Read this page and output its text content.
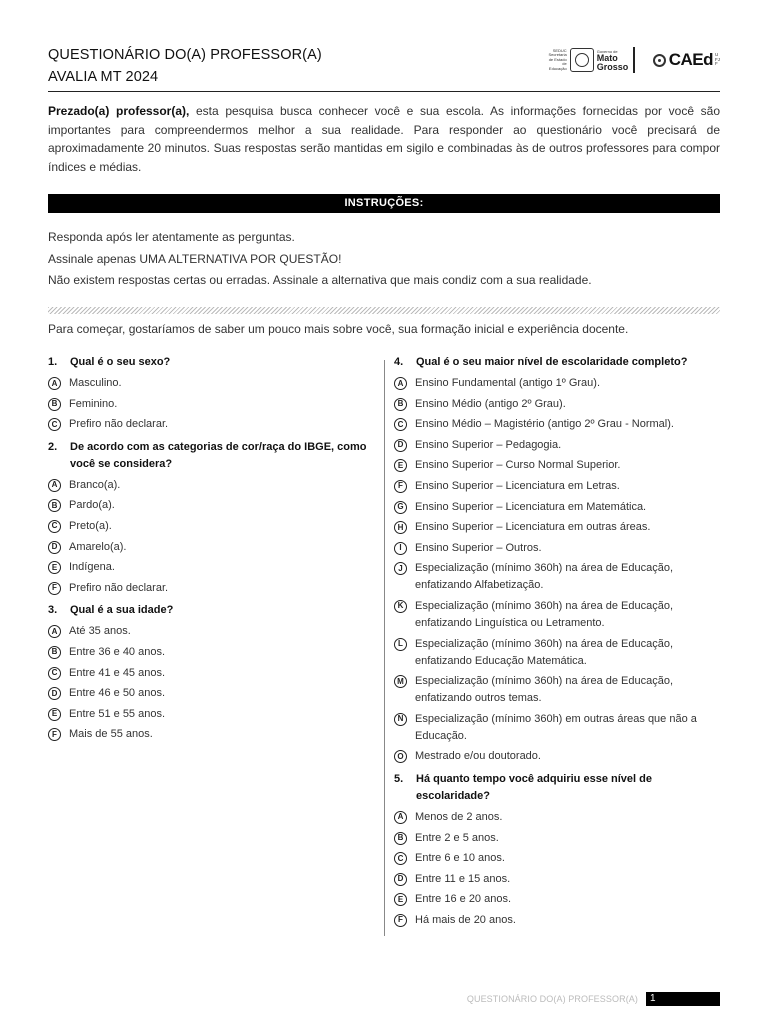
QUESTIONÁRIO DO(A) PROFESSOR(A)
AVALIA MT 2024
SEDUC Secretaria de Estado de Educação
Governo de
Mato
Grosso CAEd UFJF
Prezado(a) professor(a), esta pesquisa busca conhecer você e sua escola. As informações fornecidas por você são importantes para compreendermos melhor a sua realidade. Para responder ao questionário você precisará de aproximadamente 20 minutos. Suas respostas serão mantidas em sigilo e combinadas às de outros professores para compor índices e médias.
INSTRUÇÕES:
Responda após ler atentamente as perguntas.
Assinale apenas UMA ALTERNATIVA POR QUESTÃO!
Não existem respostas certas ou erradas. Assinale a alternativa que mais condiz com a sua realidade.
Para começar, gostaríamos de saber um pouco mais sobre você, sua formação inicial e experiência docente.
1.	Qual é o seu sexo?
A	Masculino.
B	Feminino.
C	Prefiro não declarar.
2.	De acordo com as categorias de cor/raça do IBGE, como você se considera?
A	Branco(a).
B	Pardo(a).
C	Preto(a).
D	Amarelo(a).
E	Indígena.
F	Prefiro não declarar.
3.	Qual é a sua idade?
A	Até 35 anos.
B	Entre 36 e 40 anos.
C	Entre 41 e 45 anos.
D	Entre 46 e 50 anos.
E	Entre 51 e 55 anos.
F	Mais de 55 anos.
4.	Qual é o seu maior nível de escolaridade completo?
A	Ensino Fundamental (antigo 1º Grau).
B	Ensino Médio (antigo 2º Grau).
C	Ensino Médio – Magistério (antigo 2º Grau - Normal).
D	Ensino Superior – Pedagogia.
E	Ensino Superior – Curso Normal Superior.
F	Ensino Superior – Licenciatura em Letras.
G	Ensino Superior – Licenciatura em Matemática.
H	Ensino Superior – Licenciatura em outras áreas.
I	Ensino Superior – Outros.
J	Especialização (mínimo 360h) na área de Educação, enfatizando Alfabetização.
K	Especialização (mínimo 360h) na área de Educação, enfatizando Linguística ou Letramento.
L	Especialização (mínimo 360h) na área de Educação, enfatizando Educação Matemática.
M Especialização (mínimo 360h) na área de Educação, enfatizando outros temas.
N	Especialização (mínimo 360h) em outras áreas que não a Educação.
O	Mestrado e/ou doutorado.
5.	Há quanto tempo você adquiriu esse nível de escolaridade?
A	Menos de 2 anos.
B	Entre 2 e 5 anos.
C	Entre 6 e 10 anos.
D	Entre 11 e 15 anos.
E	Entre 16 e 20 anos.
F	Há mais de 20 anos.
QUESTIONÁRIO DO(A) PROFESSOR(A)	1
